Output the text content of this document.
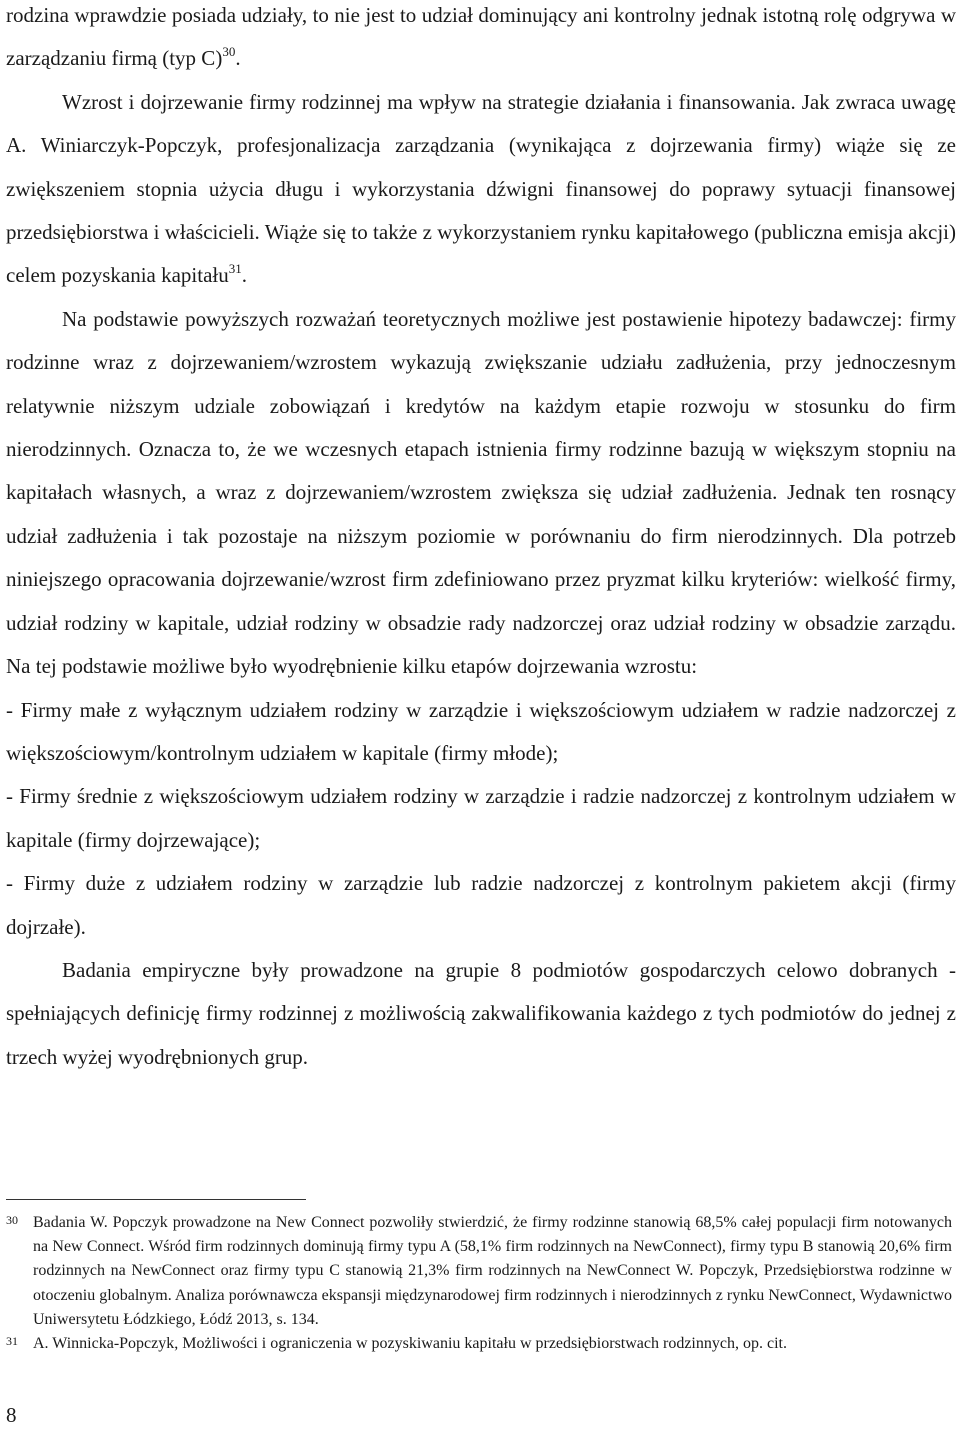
rodzina wprawdzie posiada udziały, to nie jest to udział dominujący ani kontrolny jednak istotną rolę odgrywa w zarządzaniu firmą (typ C)$^{30}$.

Wzrost i dojrzewanie firmy rodzinnej ma wpływ na strategie działania i finansowania. Jak zwraca uwagę A. Winiarczyk-Popczyk, profesjonalizacja zarządzania (wynikająca z dojrzewania firmy) wiąże się ze zwiększeniem stopnia użycia długu i wykorzystania dźwigni finansowej do poprawy sytuacji finansowej przedsiębiorstwa i właścicieli. Wiąże się to także z wykorzystaniem rynku kapitałowego (publiczna emisja akcji) celem pozyskania kapitału$^{31}$.

Na podstawie powyższych rozważań teoretycznych możliwe jest postawienie hipotezy badawczej: firmy rodzinne wraz z dojrzewaniem/wzrostem wykazują zwiększanie udziału zadłużenia, przy jednoczesnym relatywnie niższym udziale zobowiązań i kredytów na każdym etapie rozwoju w stosunku do firm nierodzinnych. Oznacza to, że we wczesnych etapach istnienia firmy rodzinne bazują w większym stopniu na kapitałach własnych, a wraz z dojrzewaniem/wzrostem zwiększa się udział zadłużenia. Jednak ten rosnący udział zadłużenia i tak pozostaje na niższym poziomie w porównaniu do firm nierodzinnych. Dla potrzeb niniejszego opracowania dojrzewanie/wzrost firm zdefiniowano przez pryzmat kilku kryteriów: wielkość firmy, udział rodziny w kapitale, udział rodziny w obsadzie rady nadzorczej oraz udział rodziny w obsadzie zarządu. Na tej podstawie możliwe było wyodrębnienie kilku etapów dojrzewania wzrostu:

- Firmy małe z wyłącznym udziałem rodziny w zarządzie i większościowym udziałem w radzie nadzorczej z większościowym/kontrolnym udziałem w kapitale (firmy młode);

- Firmy średnie z większościowym udziałem rodziny w zarządzie i radzie nadzorczej z kontrolnym udziałem w kapitale (firmy dojrzewające);

- Firmy duże z udziałem rodziny w zarządzie lub radzie nadzorczej z kontrolnym pakietem akcji (firmy dojrzałe).

Badania empiryczne były prowadzone na grupie 8 podmiotów gospodarczych celowo dobranych - spełniających definicję firmy rodzinnej z możliwością zakwalifikowania każdego z tych podmiotów do jednej z trzech wyżej wyodrębnionych grup.

30 Badania W. Popczyk prowadzone na New Connect pozwoliły stwierdzić, że firmy rodzinne stanowią 68,5% całej populacji firm notowanych na New Connect. Wśród firm rodzinnych dominują firmy typu A (58,1% firm rodzinnych na NewConnect), firmy typu B stanowią 20,6% firm rodzinnych na NewConnect oraz firmy typu C stanowią 21,3% firm rodzinnych na NewConnect W. Popczyk, Przedsiębiorstwa rodzinne w otoczeniu globalnym. Analiza porównawcza ekspansji międzynarodowej firm rodzinnych i nierodzinnych z rynku NewConnect, Wydawnictwo Uniwersytetu Łódzkiego, Łódź 2013, s. 134.
31 A. Winnicka-Popczyk, Możliwości i ograniczenia w pozyskiwaniu kapitału w przedsiębiorstwach rodzinnych, op. cit.
8
